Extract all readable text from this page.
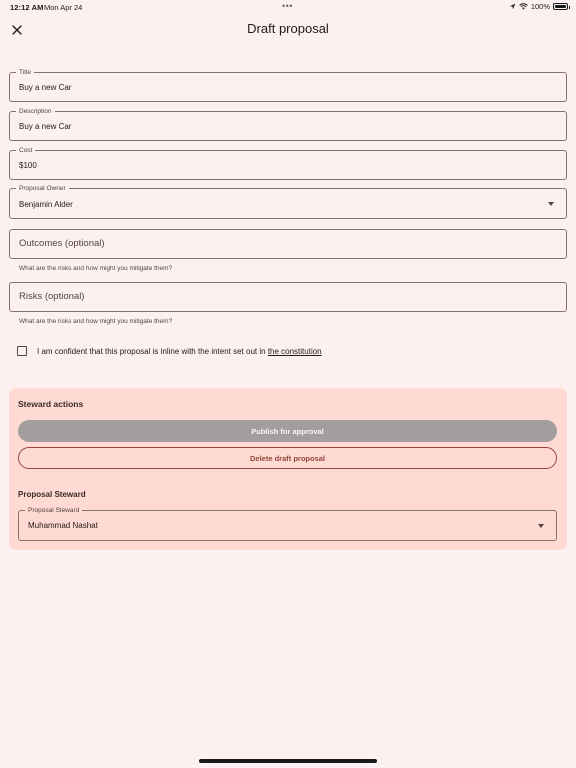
12:12 AM Mon Apr 24	•••	100%
Draft proposal
Title
Buy a new Car
Description
Buy a new Car
Cost
$100
Proposal Owner
Benjamin Alder
Outcomes (optional)
What are the risks and how might you mitigate them?
Risks (optional)
What are the risks and how might you mitigate them?
I am confident that this proposal is inline with the intent set out in the constitution
Steward actions
Publish for approval
Delete draft proposal
Proposal Steward
Proposal Steward
Muhammad Nashat
